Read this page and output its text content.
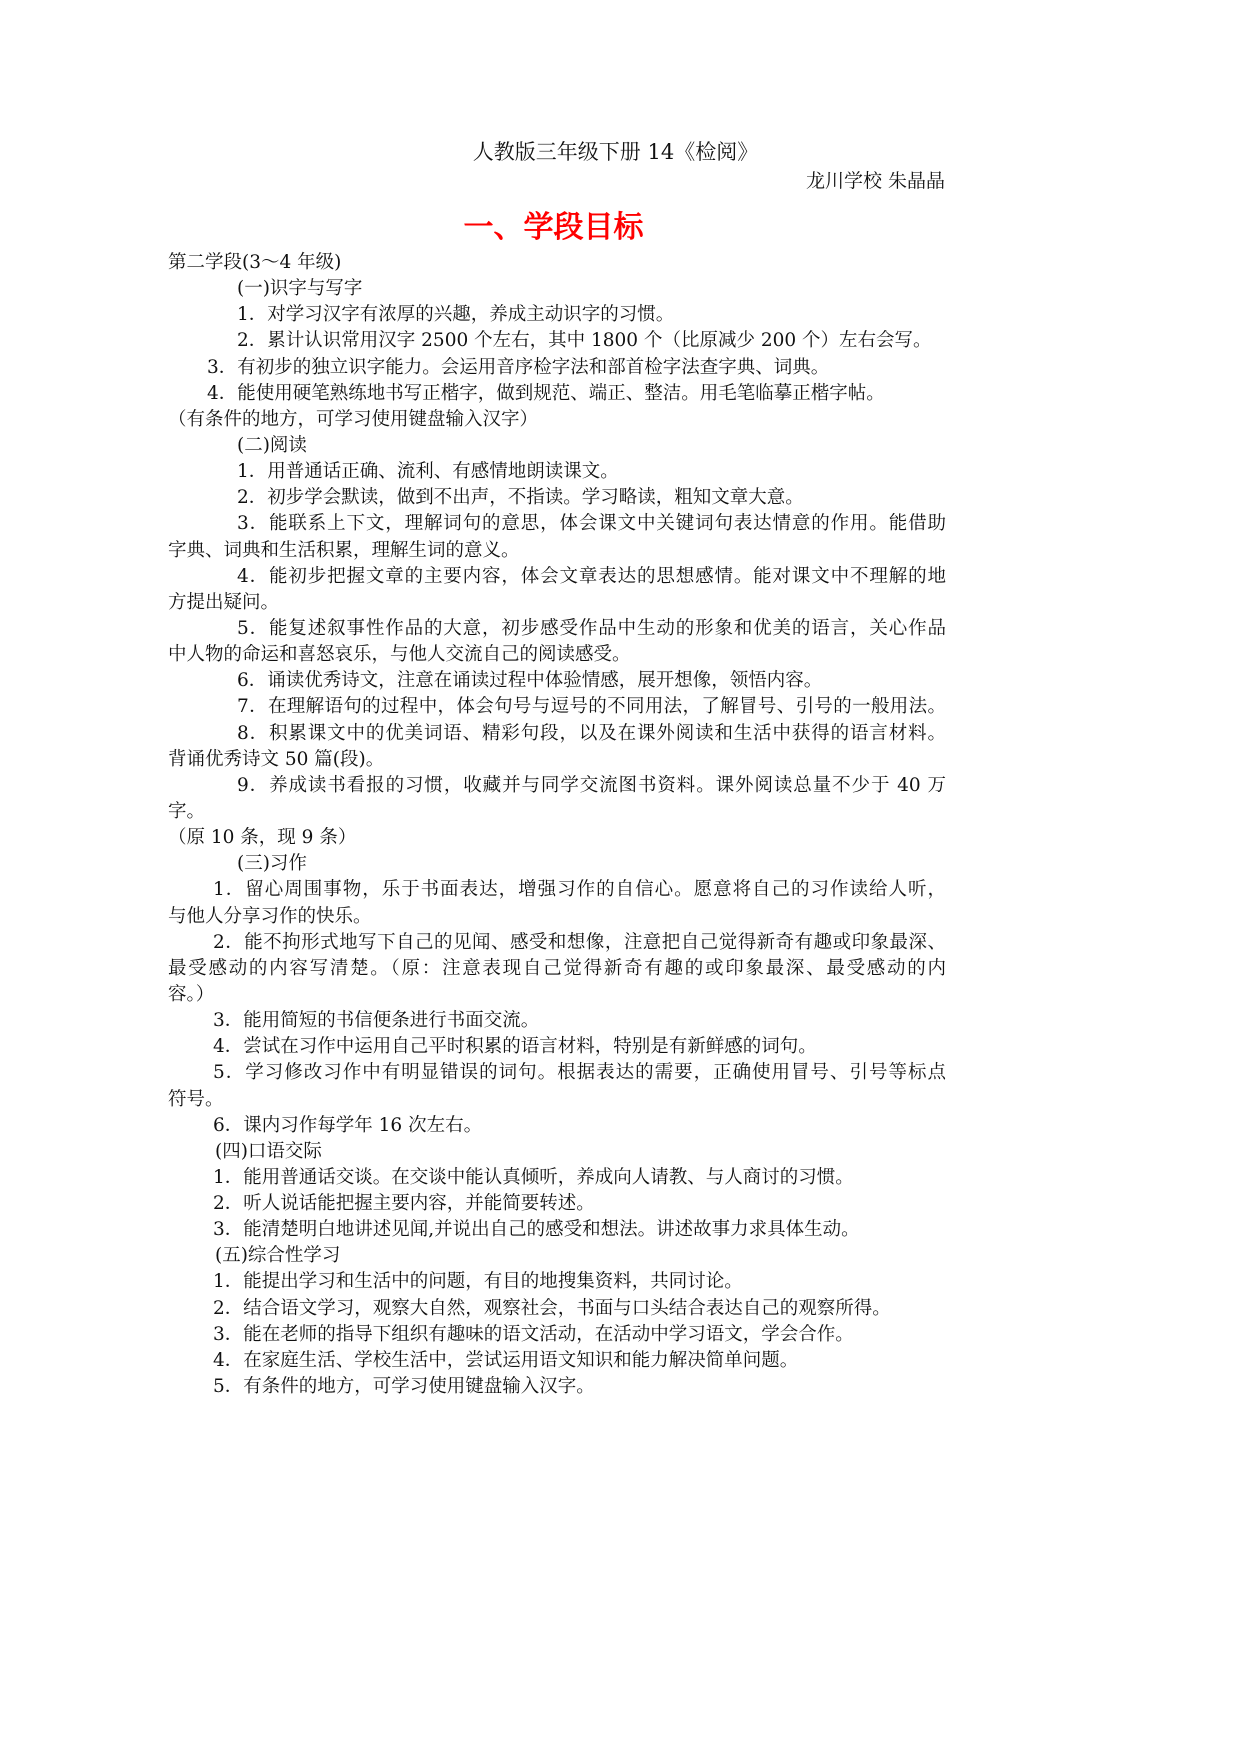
人教版三年级下册 14《检阅》
龙川学校 朱晶晶
一、学段目标
第二学段(3～4 年级)
(一)识字与写字
1．对学习汉字有浓厚的兴趣，养成主动识字的习惯。
2．累计认识常用汉字 2500 个左右，其中 1800 个（比原减少 200 个）左右会写。
3．有初步的独立识字能力。会运用音序检字法和部首检字法查字典、词典。
4．能使用硬笔熟练地书写正楷字，做到规范、端正、整洁。用毛笔临摹正楷字帖。
（有条件的地方，可学习使用键盘输入汉字）
(二)阅读
1．用普通话正确、流利、有感情地朗读课文。
2．初步学会默读，做到不出声，不指读。学习略读，粗知文章大意。
3．能联系上下文，理解词句的意思，体会课文中关键词句表达情意的作用。能借助
字典、词典和生活积累，理解生词的意义。
4．能初步把握文章的主要内容，体会文章表达的思想感情。能对课文中不理解的地
方提出疑问。
5．能复述叙事性作品的大意，初步感受作品中生动的形象和优美的语言，关心作品
中人物的命运和喜怒哀乐，与他人交流自己的阅读感受。
6．诵读优秀诗文，注意在诵读过程中体验情感，展开想像，领悟内容。
7．在理解语句的过程中，体会句号与逗号的不同用法，了解冒号、引号的一般用法。
8．积累课文中的优美词语、精彩句段，以及在课外阅读和生活中获得的语言材料。
背诵优秀诗文 50 篇(段)。
9．养成读书看报的习惯，收藏并与同学交流图书资料。课外阅读总量不少于 40 万
字。
（原 10 条，现 9 条）
(三)习作
1．留心周围事物，乐于书面表达，增强习作的自信心。愿意将自己的习作读给人听，
与他人分享习作的快乐。
2．能不拘形式地写下自己的见闻、感受和想像，注意把自己觉得新奇有趣或印象最深、
最受感动的内容写清楚。（原：注意表现自己觉得新奇有趣的或印象最深、最受感动的内
容。）
3．能用简短的书信便条进行书面交流。
4．尝试在习作中运用自己平时积累的语言材料，特别是有新鲜感的词句。
5．学习修改习作中有明显错误的词句。根据表达的需要，正确使用冒号、引号等标点
符号。
6．课内习作每学年 16 次左右。
(四)口语交际
1．能用普通话交谈。在交谈中能认真倾听，养成向人请教、与人商讨的习惯。
2．听人说话能把握主要内容，并能简要转述。
3．能清楚明白地讲述见闻,并说出自己的感受和想法。讲述故事力求具体生动。
(五)综合性学习
1．能提出学习和生活中的问题，有目的地搜集资料，共同讨论。
2．结合语文学习，观察大自然，观察社会，书面与口头结合表达自己的观察所得。
3．能在老师的指导下组织有趣味的语文活动，在活动中学习语文，学会合作。
4．在家庭生活、学校生活中，尝试运用语文知识和能力解决简单问题。
5．有条件的地方，可学习使用键盘输入汉字。
